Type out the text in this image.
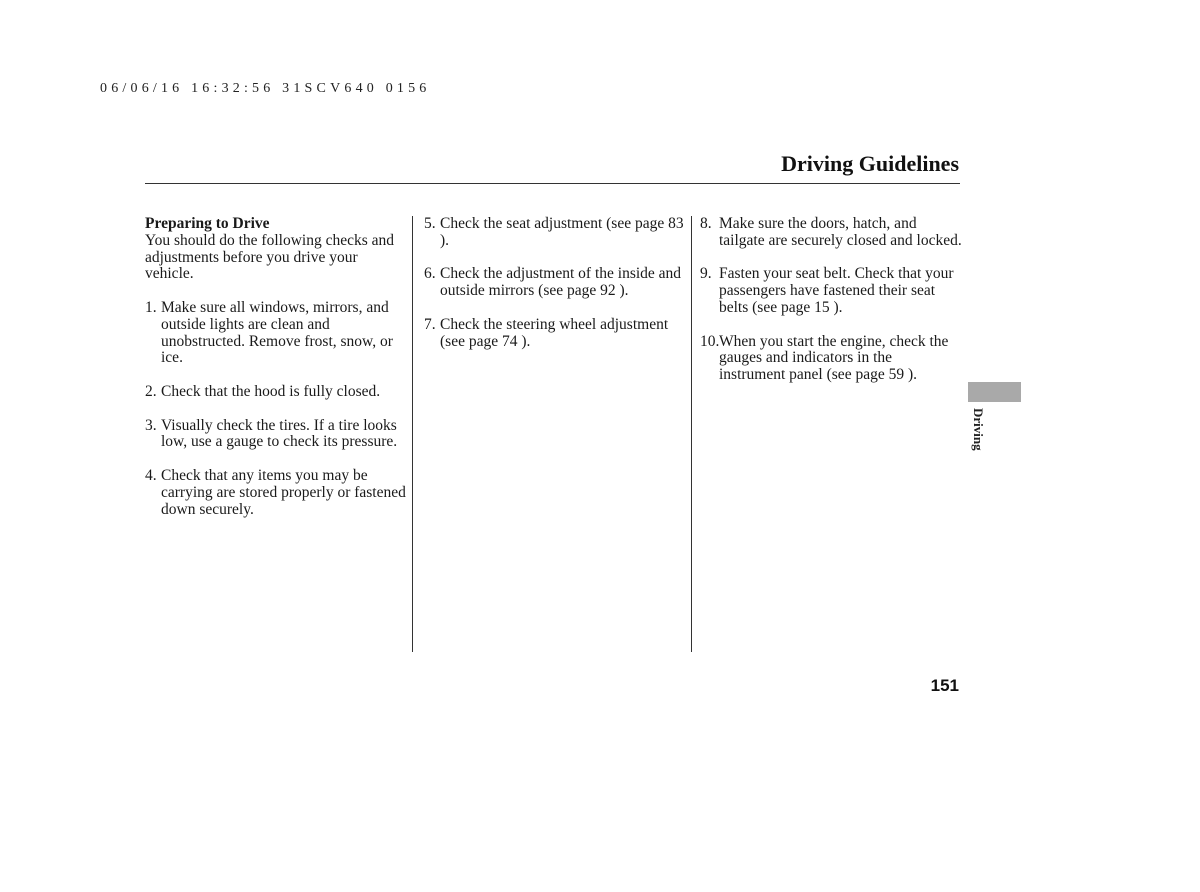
06/06/16 16:32:56 31SCV640 0156
Driving Guidelines
Preparing to Drive

You should do the following checks and adjustments before you drive your vehicle.

1. Make sure all windows, mirrors, and outside lights are clean and unobstructed. Remove frost, snow, or ice.
2. Check that the hood is fully closed.
3. Visually check the tires. If a tire looks low, use a gauge to check its pressure.
4. Check that any items you may be carrying are stored properly or fastened down securely.
5. Check the seat adjustment (see page 83 ).
6. Check the adjustment of the inside and outside mirrors (see page 92 ).
7. Check the steering wheel adjustment (see page 74 ).
8. Make sure the doors, hatch, and tailgate are securely closed and locked.
9. Fasten your seat belt. Check that your passengers have fastened their seat belts (see page 15 ).
10. When you start the engine, check the gauges and indicators in the instrument panel (see page 59 ).
Driving
151
